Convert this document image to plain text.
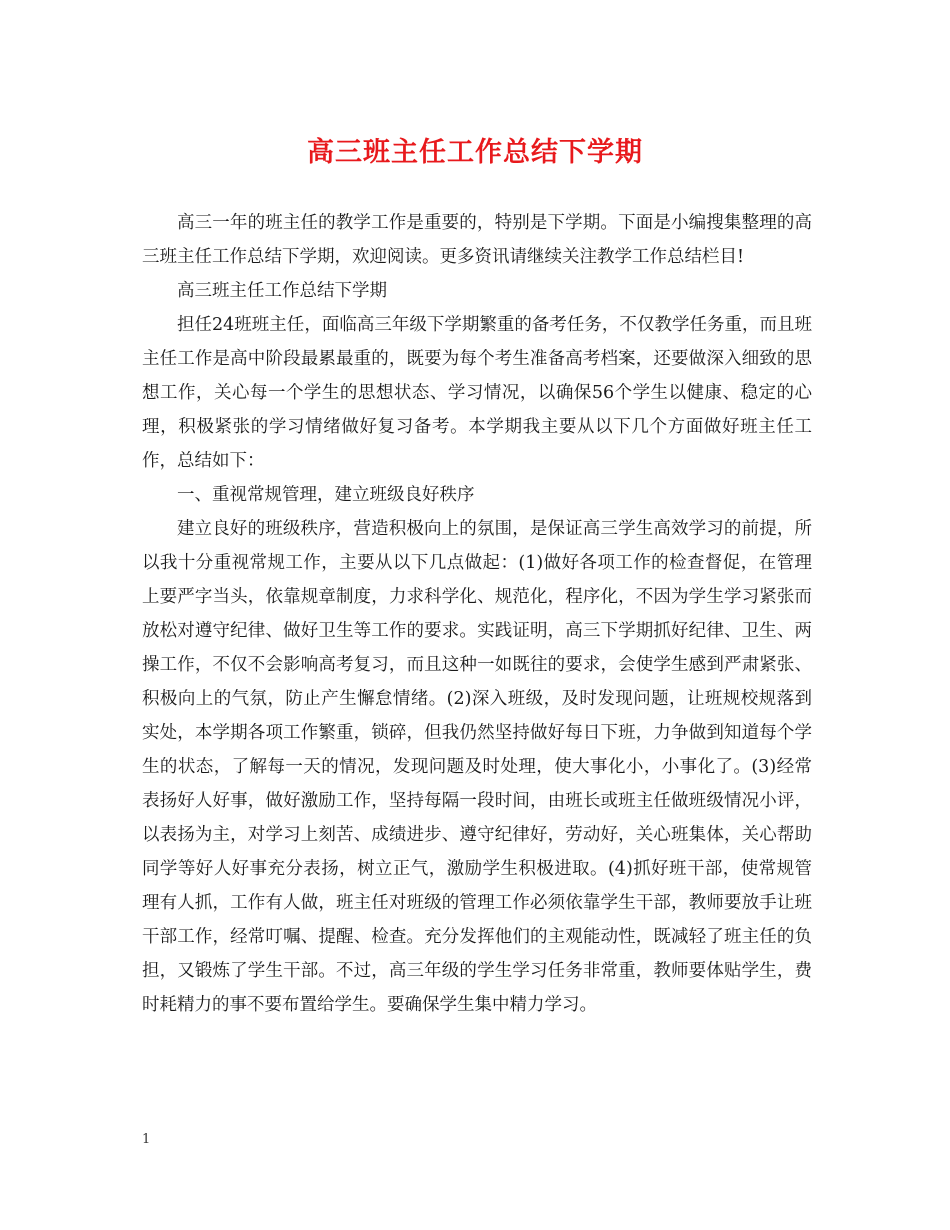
高三班主任工作总结下学期

高三一年的班主任的教学工作是重要的，特别是下学期。下面是小编搜集整理的高三班主任工作总结下学期，欢迎阅读。更多资讯请继续关注教学工作总结栏目!

高三班主任工作总结下学期

担任24班班主任，面临高三年级下学期繁重的备考任务，不仅教学任务重，而且班主任工作是高中阶段最累最重的，既要为每个考生准备高考档案，还要做深入细致的思想工作，关心每一个学生的思想状态、学习情况，以确保56个学生以健康、稳定的心理，积极紧张的学习情绪做好复习备考。本学期我主要从以下几个方面做好班主任工作，总结如下：

一、重视常规管理，建立班级良好秩序

建立良好的班级秩序，营造积极向上的氛围，是保证高三学生高效学习的前提，所以我十分重视常规工作，主要从以下几点做起：(1)做好各项工作的检查督促，在管理上要严字当头，依靠规章制度，力求科学化、规范化，程序化，不因为学生学习紧张而放松对遵守纪律、做好卫生等工作的要求。实践证明，高三下学期抓好纪律、卫生、两操工作，不仅不会影响高考复习，而且这种一如既往的要求，会使学生感到严肃紧张、积极向上的气氛，防止产生懈怠情绪。(2)深入班级，及时发现问题，让班规校规落到实处，本学期各项工作繁重，锁碎，但我仍然坚持做好每日下班，力争做到知道每个学生的状态，了解每一天的情况，发现问题及时处理，使大事化小，小事化了。(3)经常表扬好人好事，做好激励工作，坚持每隔一段时间，由班长或班主任做班级情况小评，以表扬为主，对学习上刻苦、成绩进步、遵守纪律好，劳动好，关心班集体，关心帮助同学等好人好事充分表扬，树立正气，激励学生积极进取。(4)抓好班干部，使常规管理有人抓，工作有人做，班主任对班级的管理工作必须依靠学生干部，教师要放手让班干部工作，经常叮嘱、提醒、检查。充分发挥他们的主观能动性，既减轻了班主任的负担，又锻炼了学生干部。不过，高三年级的学生学习任务非常重，教师要体贴学生，费时耗精力的事不要布置给学生。要确保学生集中精力学习。

1
